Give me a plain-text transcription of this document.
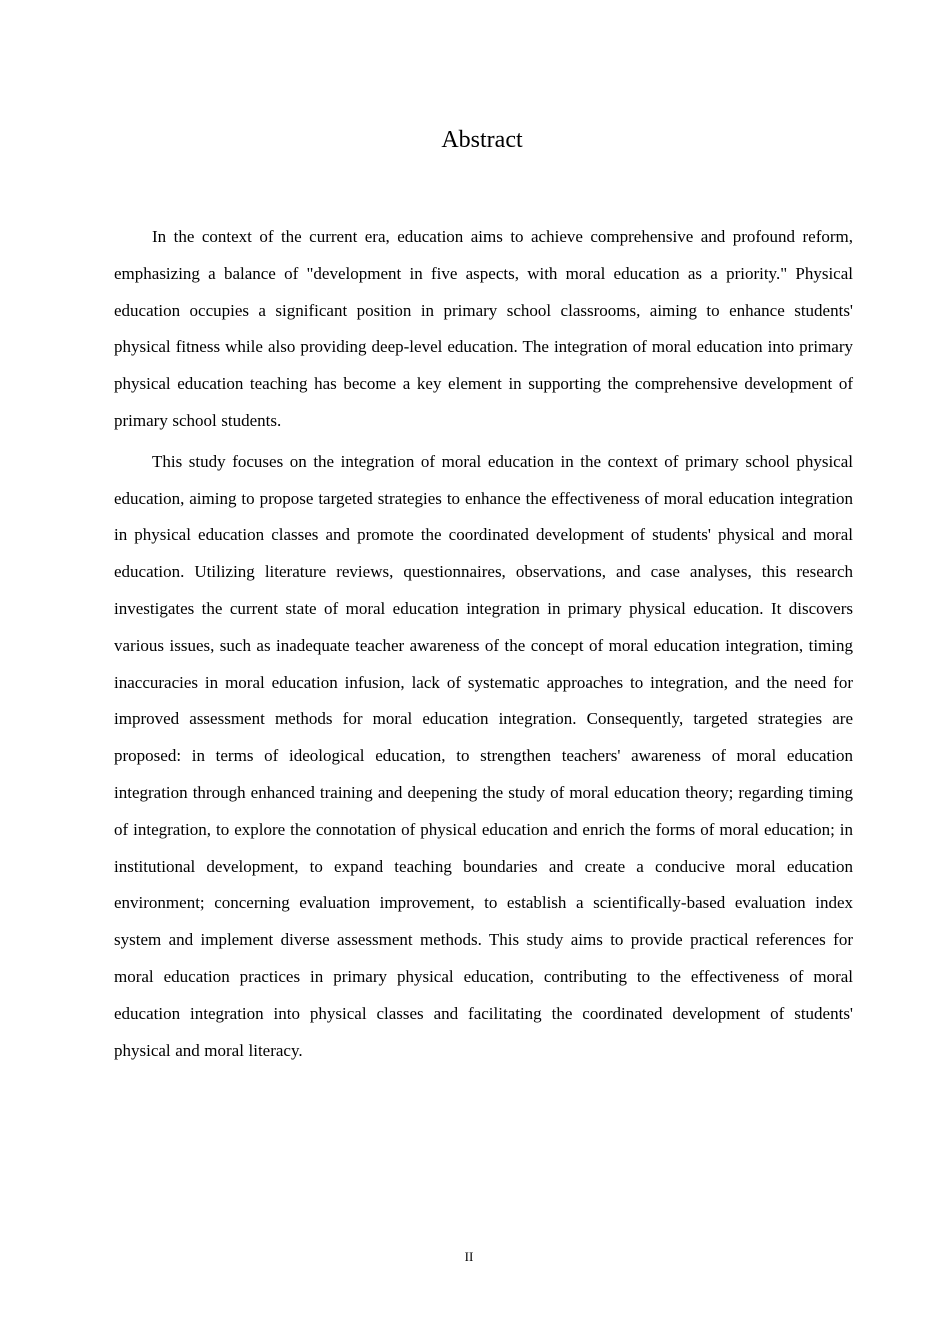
Abstract

In the context of the current era, education aims to achieve comprehensive and profound reform, emphasizing a balance of "development in five aspects, with moral education as a priority." Physical education occupies a significant position in primary school classrooms, aiming to enhance students' physical fitness while also providing deep-level education. The integration of moral education into primary physical education teaching has become a key element in supporting the comprehensive development of primary school students.

This study focuses on the integration of moral education in the context of primary school physical education, aiming to propose targeted strategies to enhance the effectiveness of moral education integration in physical education classes and promote the coordinated development of students' physical and moral education. Utilizing literature reviews, questionnaires, observations, and case analyses, this research investigates the current state of moral education integration in primary physical education. It discovers various issues, such as inadequate teacher awareness of the concept of moral education integration, timing inaccuracies in moral education infusion, lack of systematic approaches to integration, and the need for improved assessment methods for moral education integration. Consequently, targeted strategies are proposed: in terms of ideological education, to strengthen teachers' awareness of moral education integration through enhanced training and deepening the study of moral education theory; regarding timing of integration, to explore the connotation of physical education and enrich the forms of moral education; in institutional development, to expand teaching boundaries and create a conducive moral education environment; concerning evaluation improvement, to establish a scientifically-based evaluation index system and implement diverse assessment methods. This study aims to provide practical references for moral education practices in primary physical education, contributing to the effectiveness of moral education integration into physical classes and facilitating the coordinated development of students' physical and moral literacy.

II
